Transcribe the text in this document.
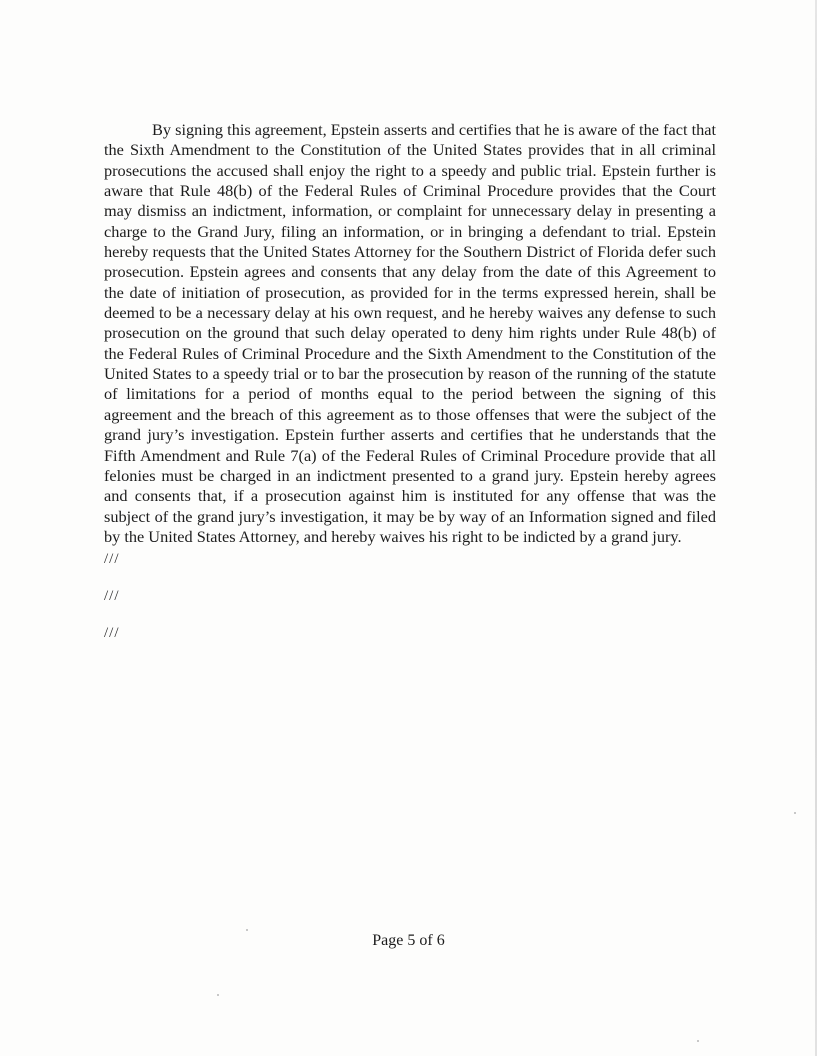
By signing this agreement, Epstein asserts and certifies that he is aware of the fact that the Sixth Amendment to the Constitution of the United States provides that in all criminal prosecutions the accused shall enjoy the right to a speedy and public trial. Epstein further is aware that Rule 48(b) of the Federal Rules of Criminal Procedure provides that the Court may dismiss an indictment, information, or complaint for unnecessary delay in presenting a charge to the Grand Jury, filing an information, or in bringing a defendant to trial. Epstein hereby requests that the United States Attorney for the Southern District of Florida defer such prosecution. Epstein agrees and consents that any delay from the date of this Agreement to the date of initiation of prosecution, as provided for in the terms expressed herein, shall be deemed to be a necessary delay at his own request, and he hereby waives any defense to such prosecution on the ground that such delay operated to deny him rights under Rule 48(b) of the Federal Rules of Criminal Procedure and the Sixth Amendment to the Constitution of the United States to a speedy trial or to bar the prosecution by reason of the running of the statute of limitations for a period of months equal to the period between the signing of this agreement and the breach of this agreement as to those offenses that were the subject of the grand jury’s investigation. Epstein further asserts and certifies that he understands that the Fifth Amendment and Rule 7(a) of the Federal Rules of Criminal Procedure provide that all felonies must be charged in an indictment presented to a grand jury. Epstein hereby agrees and consents that, if a prosecution against him is instituted for any offense that was the subject of the grand jury’s investigation, it may be by way of an Information signed and filed by the United States Attorney, and hereby waives his right to be indicted by a grand jury.

///
///
///
Page 5 of 6
